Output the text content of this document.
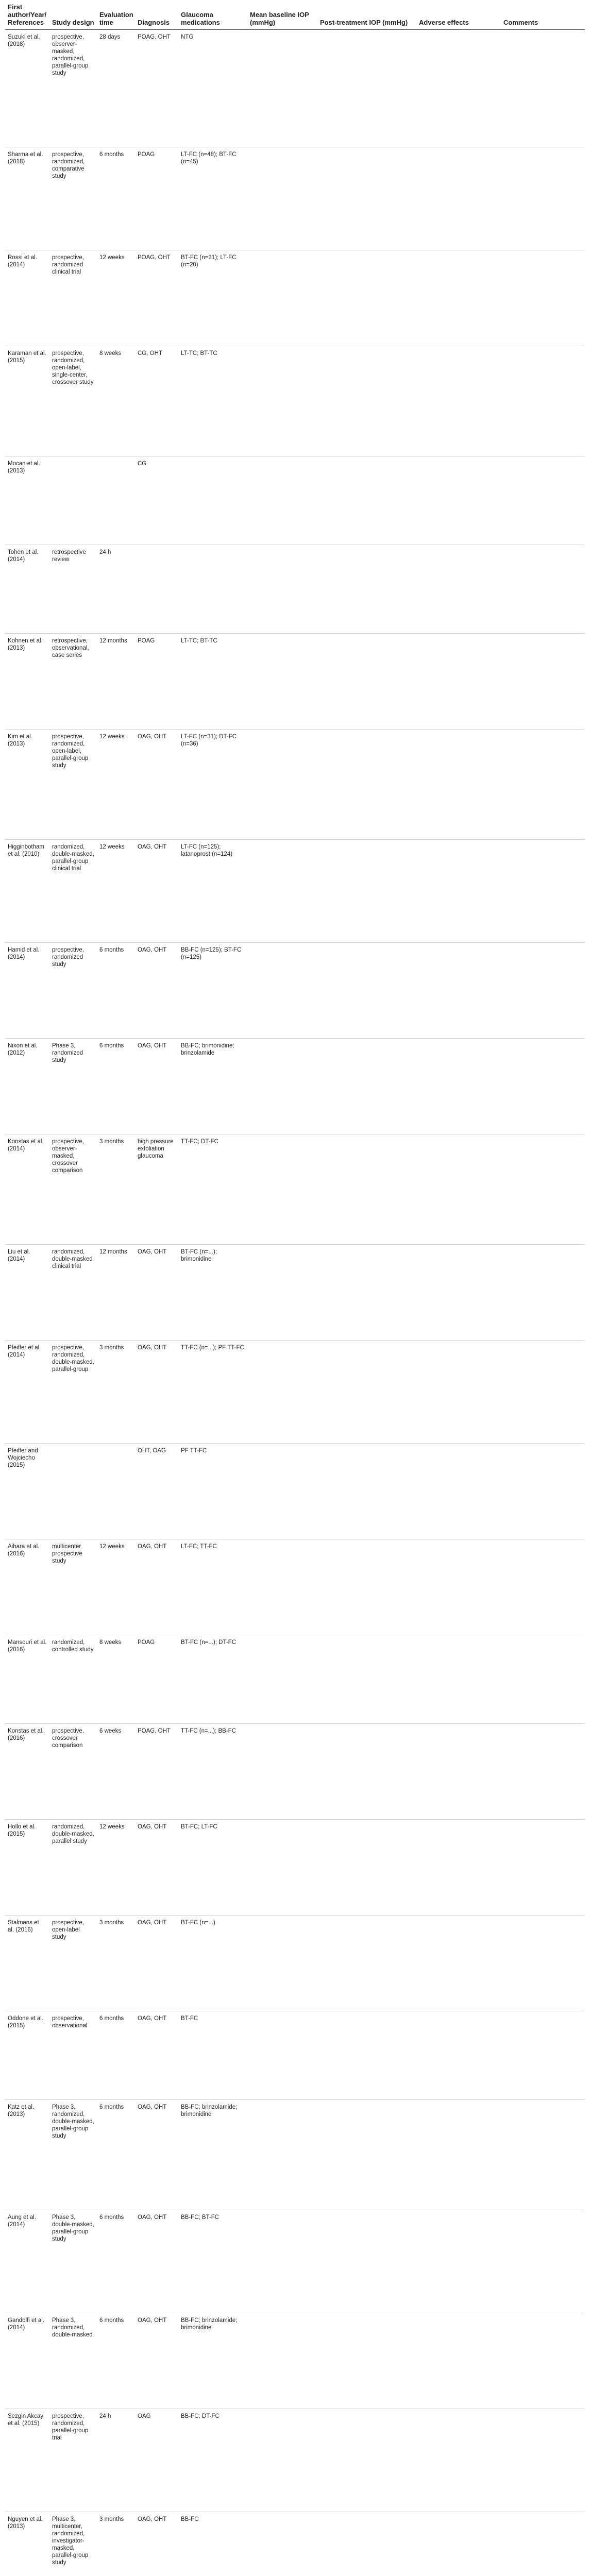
First author/Year/ References	Study design	Evaluation time	Diagnosis	Glaucoma medications	Mean baseline IOP (mmHg)	Post-treatment IOP (mmHg)	Adverse effects	Comments
Suzuki et al. (2018)	prospective, observer-masked, randomized, parallel-group study	28 days	POAG, OHT	NTG				
Sharma et al. (2018)	prospective, randomized, comparative study	6 months	POAG	LT-FC (n=48); BT-FC (n=45)				
Rossi et al. (2014)	prospective, randomized clinical trial	12 weeks	POAG, OHT	BT-FC (n=21); LT-FC (n=20)				
Karaman et al. (2015)	prospective, randomized, open-label, single-center, crossover study	8 weeks	CG, OHT	LT-TC; BT-TC				
Mocan et al. (2013)			CG					
Tohen et al. (2014)	retrospective review	24 h						
Kohnen et al. (2013)	retrospective, observational, case series	12 months	POAG	LT-TC; BT-TC				
Kim et al. (2013)	prospective, randomized, open-label, parallel-group study	12 weeks	OAG, OHT	LT-FC (n=31); DT-FC (n=36)				
Higginbotham et al. (2010)	randomized, double-masked, parallel-group clinical trial	12 weeks	OAG, OHT	LT-FC (n=125); latanoprost (n=124)				
Hamid et al. (2014)	prospective, randomized study	6 months	OAG, OHT	BB-FC (n=125); BT-FC (n=125)				
Nixon et al. (2012)	Phase 3, randomized study	6 months	OAG, OHT	BB-FC; brimonidine; brinzolamide				
Konstas et al. (2014)	prospective, observer-masked, crossover comparison	3 months	high pressure exfoliation glaucoma	TT-FC; DT-FC				
Liu et al. (2014)	randomized, double-masked clinical trial	12 months	OAG, OHT	BT-FC (n=...); brimonidine				
Pfeiffer et al. (2014)	prospective, randomized, double-masked, parallel-group	3 months	OAG, OHT	TT-FC (n=...); PF TT-FC				
Pfeiffer and Wojciecho (2015)			OHT, OAG	PF TT-FC				
Aihara et al. (2016)	multicenter prospective study	12 weeks	OAG, OHT	LT-FC; TT-FC				
Mansouri et al. (2016)	randomized, controlled study	8 weeks	POAG	BT-FC (n=...); DT-FC				
Konstas et al. (2016)	prospective, crossover comparison	6 weeks	POAG, OHT	TT-FC (n=...); BB-FC				
Hollo et al. (2015)	randomized, double-masked, parallel study	12 weeks	OAG, OHT	BT-FC; LT-FC				
Stalmans et al. (2016)	prospective, open-label study	3 months	OAG, OHT	BT-FC (n=...)				
Oddone et al. (2015)	prospective, observational	6 months	OAG, OHT	BT-FC				
Katz et al. (2013)	Phase 3, randomized, double-masked, parallel-group study	6 months	OAG, OHT	BB-FC; brinzolamide; brimonidine				
Aung et al. (2014)	Phase 3, double-masked, parallel-group study	6 months	OAG, OHT	BB-FC; BT-FC				
Gandolfi et al. (2014)	Phase 3, randomized, double-masked	6 months	OAG, OHT	BB-FC; brinzolamide; brimonidine				
Sezgin Akcay et al. (2015)	prospective, randomized, parallel-group trial	24 h	OAG	BB-FC; DT-FC				
Nguyen et al. (2013)	Phase 3, multicenter, randomized, investigator-masked, parallel-group study	3 months	OAG, OHT	BB-FC				
